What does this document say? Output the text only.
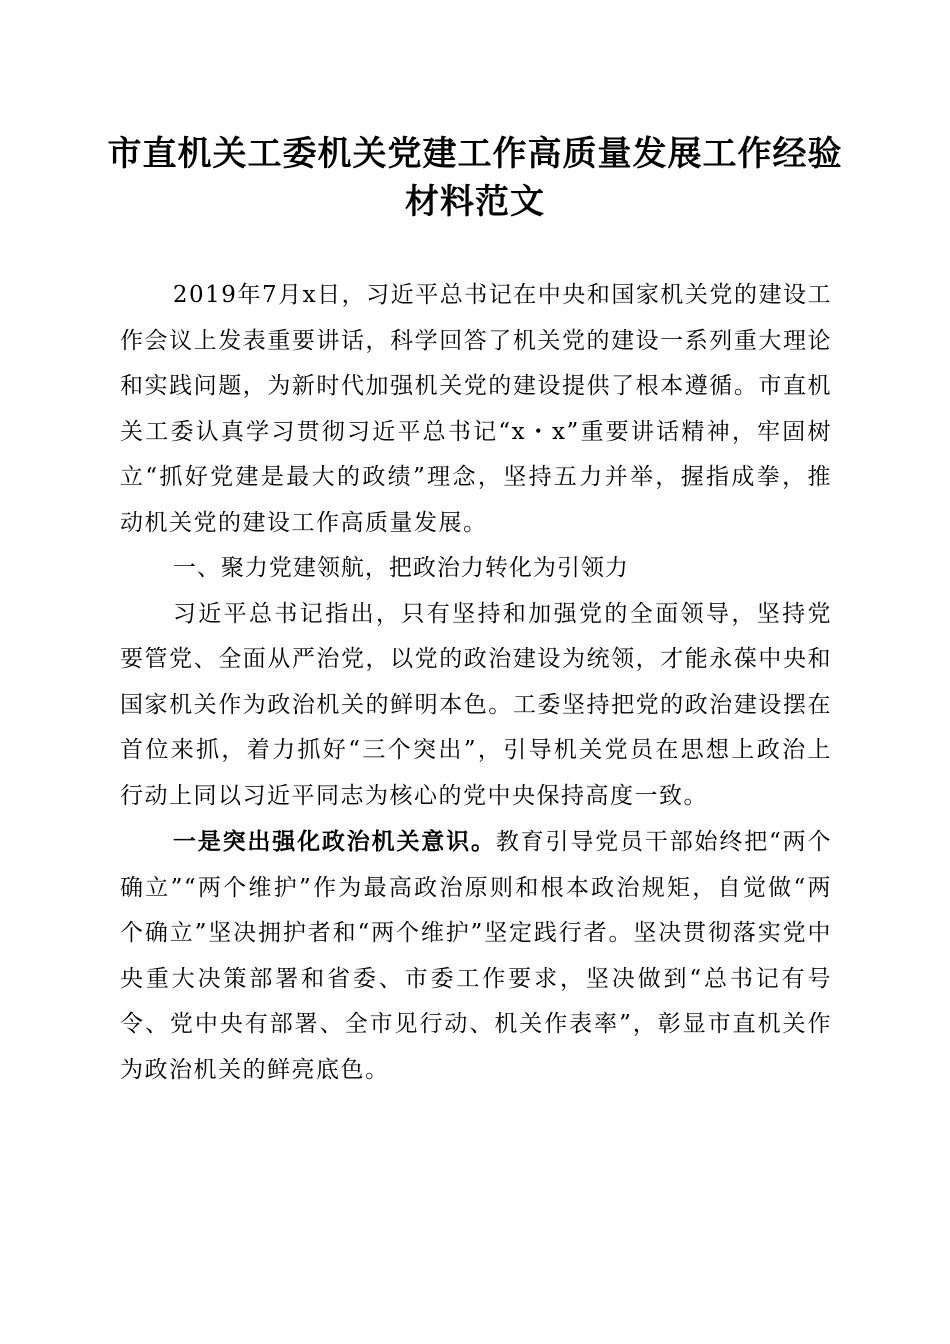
市直机关工委机关党建工作高质量发展工作经验材料范文

2019年7月x日，习近平总书记在中央和国家机关党的建设工作会议上发表重要讲话，科学回答了机关党的建设一系列重大理论和实践问题，为新时代加强机关党的建设提供了根本遵循。市直机关工委认真学习贯彻习近平总书记“x・x”重要讲话精神，牢固树立“抓好党建是最大的政绩”理念，坚持五力并举，握指成拳，推动机关党的建设工作高质量发展。

一、聚力党建领航，把政治力转化为引领力

习近平总书记指出，只有坚持和加强党的全面领导，坚持党要管党、全面从严治党，以党的政治建设为统领，才能永葆中央和国家机关作为政治机关的鲜明本色。工委坚持把党的政治建设摆在首位来抓，着力抓好“三个突出”，引导机关党员在思想上政治上行动上同以习近平同志为核心的党中央保持高度一致。

一是突出强化政治机关意识。教育引导党员干部始终把“两个确立”“两个维护”作为最高政治原则和根本政治规矩，自觉做“两个确立”坚决拥护者和“两个维护”坚定践行者。坚决贯彻落实党中央重大决策部署和省委、市委工作要求，坚决做到“总书记有号令、党中央有部署、全市见行动、机关作表率”，彰显市直机关作为政治机关的鲜亮底色。
